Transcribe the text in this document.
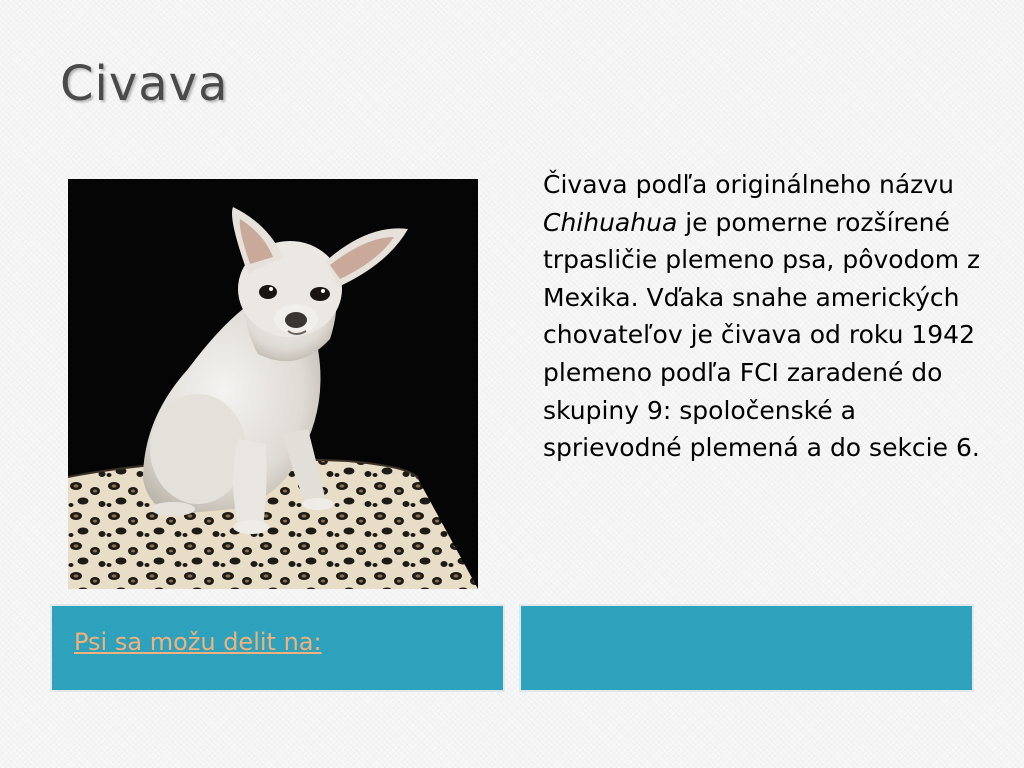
Civava

Čivava podľa originálneho názvu Chihuahua je pomerne rozšírené trpasličie plemeno psa, pôvodom z Mexika. Vďaka snahe amerických chovateľov je čivava od roku 1942 plemeno podľa FCI zaradené do skupiny 9: spoločenské a sprievodné plemená a do sekcie 6.

Psi sa možu delit na:
